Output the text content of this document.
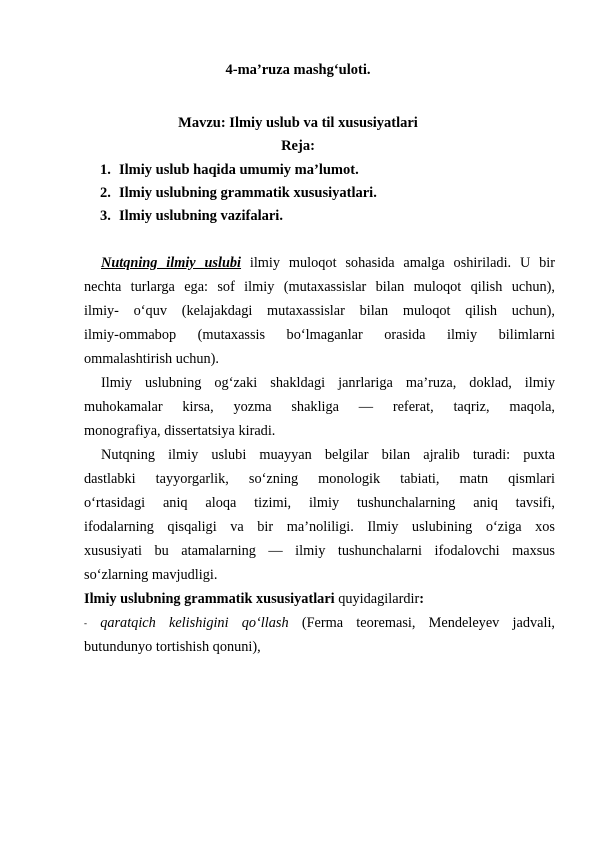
4-ma’ruza mashg‘uloti.
Mavzu: Ilmiy uslub va til xususiyatlari
Reja:
1. Ilmiy uslub haqida umumiy ma’lumot.
2. Ilmiy uslubning grammatik xususiyatlari.
3. Ilmiy uslubning vazifalari.
Nutqning ilmiy uslubi ilmiy muloqot sohasida amalga oshiriladi. U bir
nechta turlarga ega: sof ilmiy (mutaxassislar bilan muloqot qilish uchun),
ilmiy- o‘quv (kelajakdagi mutaxassislar bilan muloqot qilish uchun),
ilmiy-ommabop (mutaxassis bo‘lmaganlar orasida ilmiy bilimlarni
ommalashtirish uchun).
Ilmiy uslubning og‘zaki shakldagi janrlariga ma’ruza, doklad, ilmiy
muhokamalar kirsa, yozma shakliga — referat, taqriz, maqola,
monografiya, dissertatsiya kiradi.
Nutqning ilmiy uslubi muayyan belgilar bilan ajralib turadi: puxta
dastlabki tayyorgarlik, so‘zning monologik tabiati, matn qismlari
o‘rtasidagi aniq aloqa tizimi, ilmiy tushunchalarning aniq tavsifi,
ifodalarning qisqaligi va bir ma’noliligi. Ilmiy uslubining o‘ziga xos
xususiyati bu atamalarning — ilmiy tushunchalarni ifodalovchi maxsus
so‘zlarning mavjudligi.
Ilmiy uslubning grammatik xususiyatlari quyidagilardir:
- qaratqich kelishigini qo‘llash (Ferma teoremasi, Mendeleyev jadvali,
butundunyo tortishish qonuni),
